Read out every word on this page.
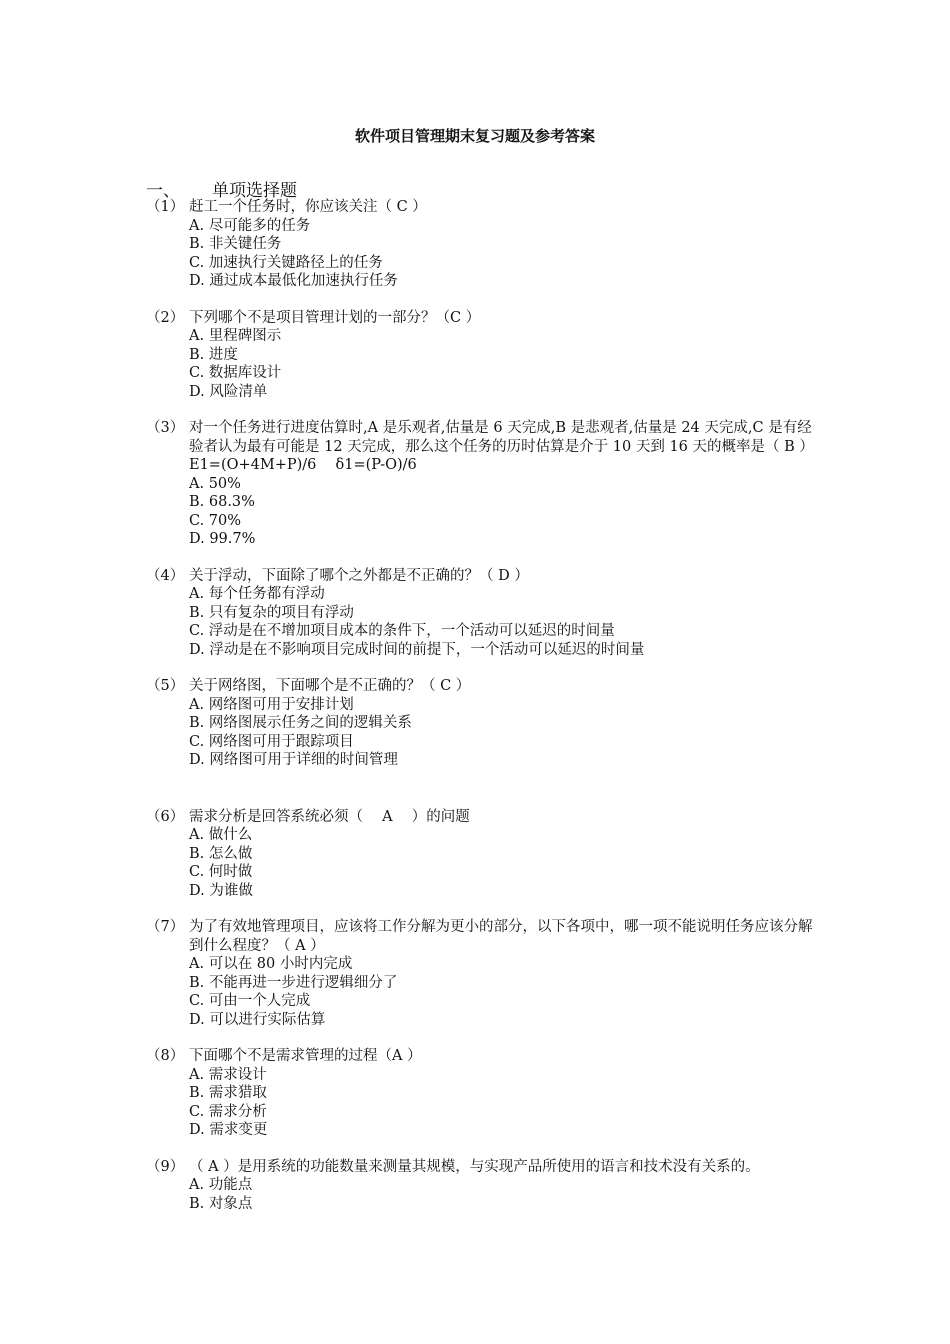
软件项目管理期末复习题及参考答案
一、 单项选择题
（1） 赶工一个任务时，你应该关注（ C ）
A. 尽可能多的任务
B. 非关键任务
C. 加速执行关键路径上的任务
D. 通过成本最低化加速执行任务
（2） 下列哪个不是项目管理计划的一部分？（C ）
A. 里程碑图示
B. 进度
C. 数据库设计
D. 风险清单
（3） 对一个任务进行进度估算时,A 是乐观者,估量是 6 天完成,B 是悲观者,估量是 24 天完成,C 是有经验者认为最有可能是 12 天完成，那么这个任务的历时估算是介于 10 天到 16 天的概率是（ B ）E1=(O+4M+P)/6 　δ1=(P-O)/6
A. 50%
B. 68.3%
C. 70%
D. 99.7%
（4） 关于浮动，下面除了哪个之外都是不正确的？（ D ）
A. 每个任务都有浮动
B. 只有复杂的项目有浮动
C. 浮动是在不增加项目成本的条件下，一个活动可以延迟的时间量
D. 浮动是在不影响项目完成时间的前提下，一个活动可以延迟的时间量
（5） 关于网络图，下面哪个是不正确的？（ C ）
A. 网络图可用于安排计划
B. 网络图展示任务之间的逻辑关系
C. 网络图可用于跟踪项目
D. 网络图可用于详细的时间管理
（6） 需求分析是回答系统必须（　 A　 ）的问题
A. 做什么
B. 怎么做
C. 何时做
D. 为谁做
（7） 为了有效地管理项目，应该将工作分解为更小的部分，以下各项中，哪一项不能说明任务应该分解到什么程度？（ A ）
A. 可以在 80 小时内完成
B. 不能再进一步进行逻辑细分了
C. 可由一个人完成
D. 可以进行实际估算
（8） 下面哪个不是需求管理的过程（A ）
A. 需求设计
B. 需求猎取
C. 需求分析
D. 需求变更
（9） （ A ）是用系统的功能数量来测量其规模，与实现产品所使用的语言和技术没有关系的。
A. 功能点
B. 对象点
